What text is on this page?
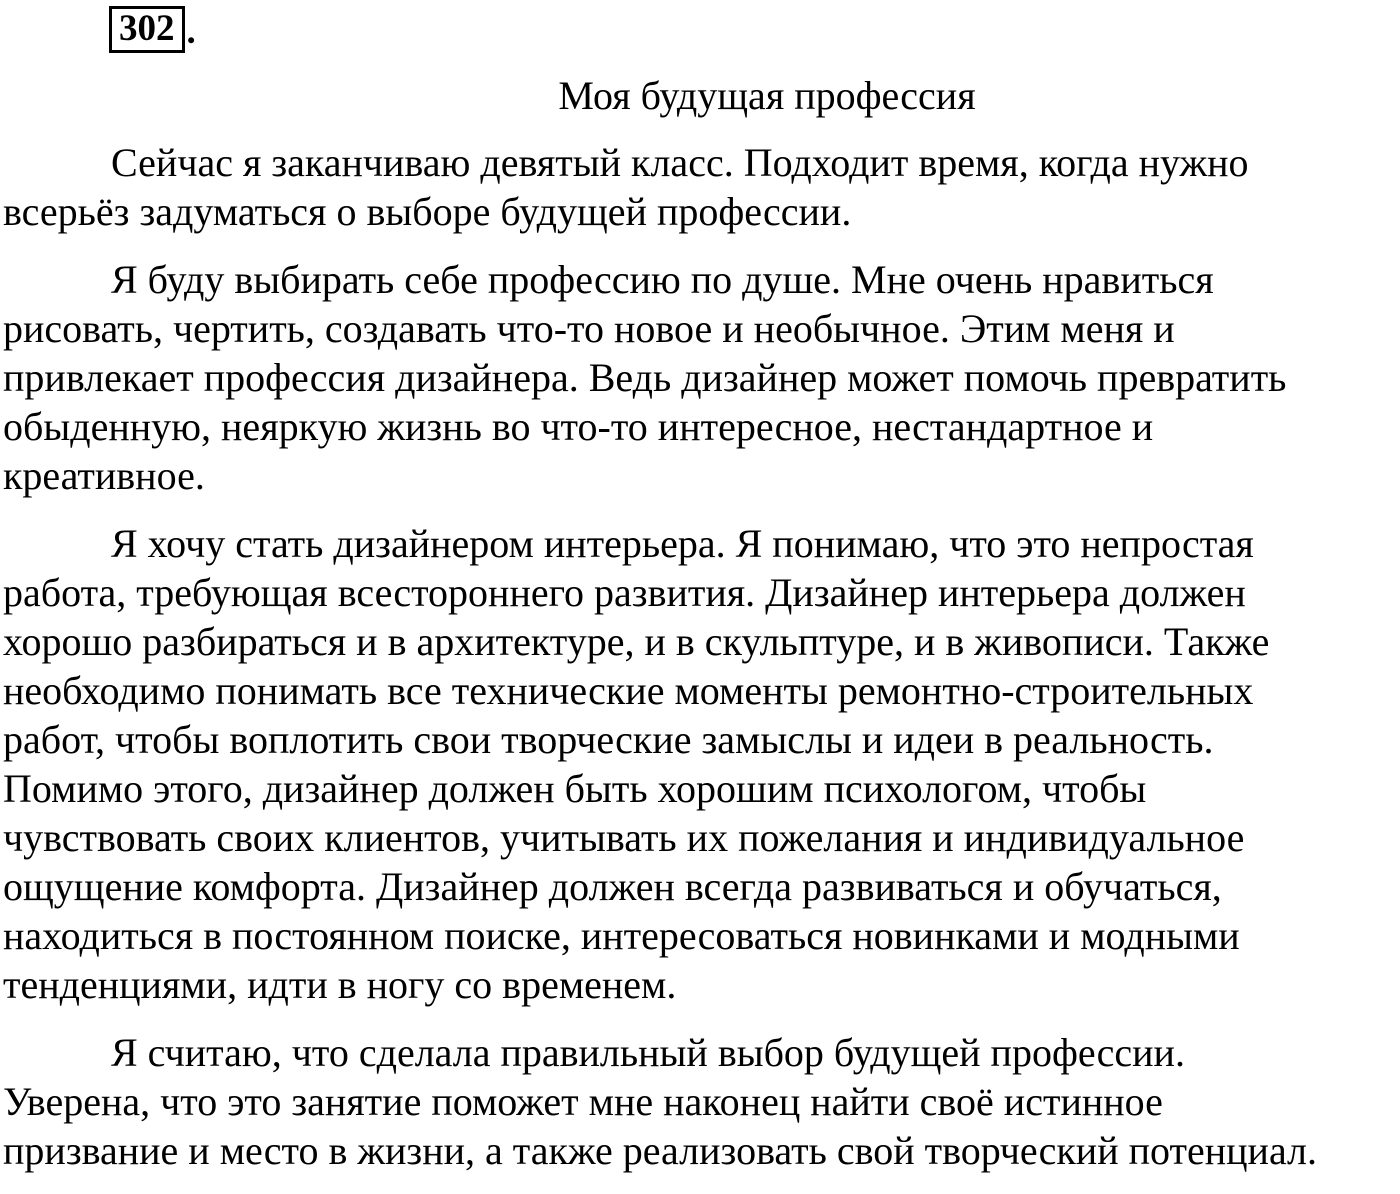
302 .
Моя будущая профессия
Сейчас я заканчиваю девятый класс. Подходит время, когда нужно
всерьёз задуматься о выборе будущей профессии.
Я буду выбирать себе профессию по душе. Мне очень нравиться
рисовать, чертить, создавать что-то новое и необычное. Этим меня и
привлекает профессия дизайнера. Ведь дизайнер может помочь превратить
обыденную, неяркую жизнь во что-то интересное, нестандартное и
креативное.
Я хочу стать дизайнером интерьера. Я понимаю, что это непростая
работа, требующая всестороннего развития. Дизайнер интерьера должен
хорошо разбираться и в архитектуре, и в скульптуре, и в живописи. Также
необходимо понимать все технические моменты ремонтно-строительных
работ, чтобы воплотить свои творческие замыслы и идеи в реальность.
Помимо этого, дизайнер должен быть хорошим психологом, чтобы
чувствовать своих клиентов, учитывать их пожелания и индивидуальное
ощущение комфорта. Дизайнер должен всегда развиваться и обучаться,
находиться в постоянном поиске, интересоваться новинками и модными
тенденциями, идти в ногу со временем.
Я считаю, что сделала правильный выбор будущей профессии.
Уверена, что это занятие поможет мне наконец найти своё истинное
призвание и место в жизни, а также реализовать свой творческий потенциал.
